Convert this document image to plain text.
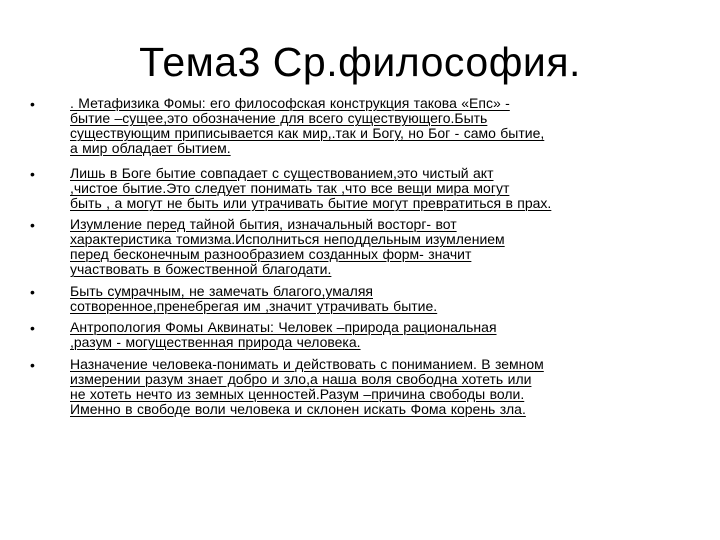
Тема3 Ср.философия.
•	. Метафизика Фомы: его философская конструкция такова «Епс» -
бытие –сущее,это обозначение для всего существующего.Быть
существующим приписывается как мир,.так и Богу, но Бог - само бытие,
а мир обладает бытием.
•	Лишь в Боге бытие совпадает с существованием,это чистый акт
,чистое бытие.Это следует понимать так ,что все вещи мира могут
быть , а могут не быть или утрачивать бытие могут превратиться в прах.
•	Изумление перед тайной бытия, изначальный восторг- вот
характеристика томизма.Исполниться неподдельным изумлением
перед бесконечным разнообразием созданных форм- значит
участвовать в божественной благодати.
•	Быть сумрачным, не замечать благого,умаляя
сотворенное,пренебрегая им ,значит утрачивать бытие.
•	Антропология Фомы Аквинаты: Человек –природа рациональная
,разум - могущественная природа человека.
•	Назначение человека-понимать и действовать с пониманием. В земном
измерении разум знает добро и зло,а наша воля свободна хотеть или
не хотеть нечто из земных ценностей.Разум –причина свободы воли.
Именно в свободе воли человека и склонен искать Фома корень зла.
